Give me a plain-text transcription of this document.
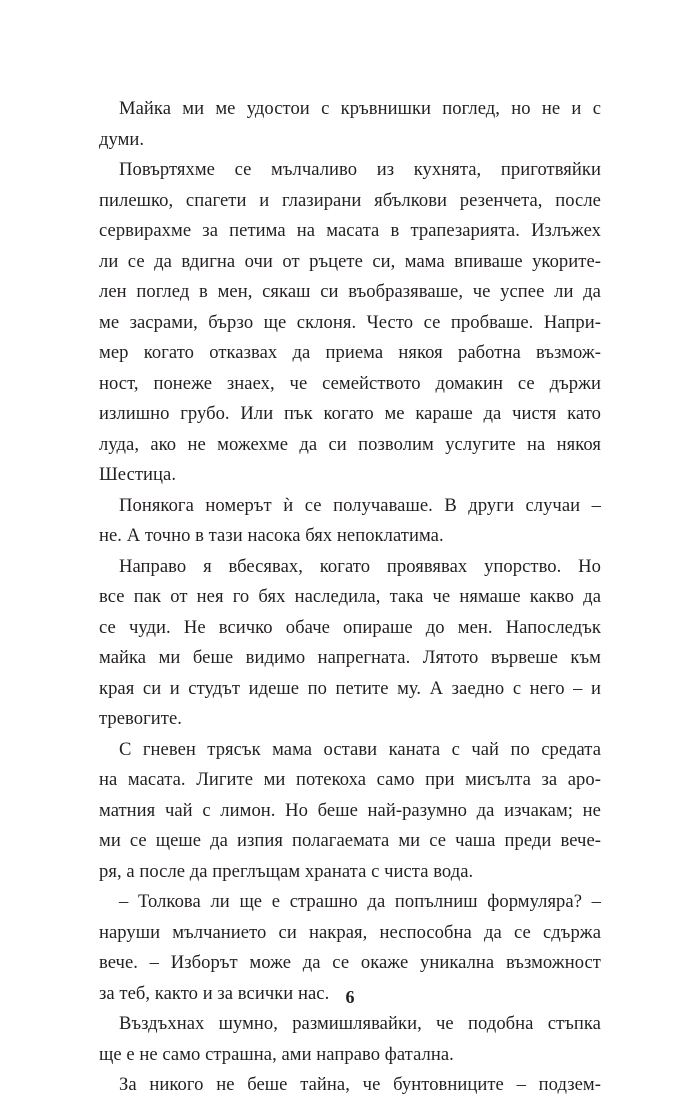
Майка ми ме удостои с кръвнишки поглед, но не и с
думи.
Повъртяхме се мълчаливо из кухнята, приготвяйки
пилешко, спагети и глазирани ябълкови резенчета, после
сервирахме за петима на масата в трапезарията. Излъжех
ли се да вдигна очи от ръцете си, мама впиваше укорите-
лен поглед в мен, сякаш си въобразяваше, че успее ли да
ме засрами, бързо ще склоня. Често се пробваше. Напри-
мер когато отказвах да приема някоя работна възмож-
ност, понеже знаех, че семейството домакин се държи
излишно грубо. Или пък когато ме караше да чистя като
луда, ако не можехме да си позволим услугите на някоя
Шестица.
Понякога номерът ѝ се получаваше. В други случаи –
не. А точно в тази насока бях непоклатима.
Направо я вбесявах, когато проявявах упорство. Но
все пак от нея го бях наследила, така че нямаше какво да
се чуди. Не всичко обаче опираше до мен. Напоследък
майка ми беше видимо напрегната. Лятото вървеше към
края си и студът идеше по петите му. А заедно с него – и
тревогите.
С гневен трясък мама остави каната с чай по средата
на масата. Лигите ми потекоха само при мисълта за аро-
матния чай с лимон. Но беше най-разумно да изчакам; не
ми се щеше да изпия полагаемата ми се чаша преди вече-
ря, а после да преглъщам храната с чиста вода.
– Толкова ли ще е страшно да попълниш формуляра? –
наруши мълчанието си накрая, неспособна да се сдържа
вече. – Изборът може да се окаже уникална възможност
за теб, както и за всички нас.
Въздъхнах шумно, размишлявайки, че подобна стъпка
ще е не само страшна, ами направо фатална.
За никого не беше тайна, че бунтовниците – подзем-
6
